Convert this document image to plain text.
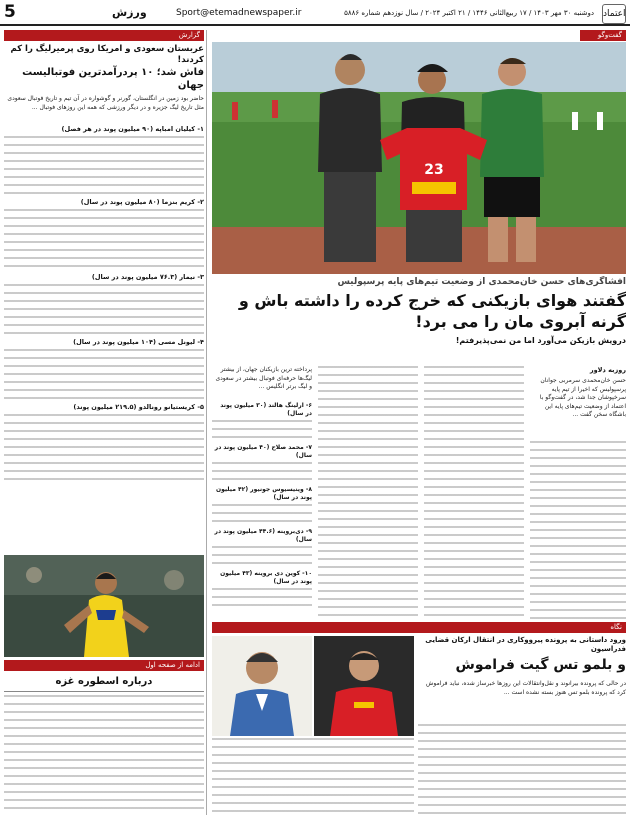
5	ورزش	Sport@etemadnewspaper.ir	دوشنبه ۳۰ مهر ۱۴۰۳ / ۱۷ ربیع‌الثانی ۱۴۴۶ / ۲۱ اکتبر ۲۰۲۴ / سال نوزدهم شماره ۵۸۸۶ اعتماد
گزارش
عربستان سعودی و امریکا روی پرمیرلیگ را کم کردند!
فاش شد؛ ۱۰ پردرآمدترین فوتبالیست جهان
حاضر بود زمین در انگلستان، گورنر و گوشواره در آن تیم و تاریخ فوتبال سعودی مثل تاریخ لیگ جزیره و در دیگر ورزشی که همه این روزهای فوتبال ...
۱- کیلیان امباپه (۹۰ میلیون پوند در هر فصل)
۲- کریم بنزما (۸۰ میلیون پوند در سال)
۳- نیمار (۷۶.۳ میلیون پوند در سال)
۴- لیونل مسی (۱۰۴ میلیون پوند در سال)
۵- کریستیانو رونالدو (۲۱۹.۵ میلیون پوند)
ادامه از صفحه اول
درباره اسطوره غزه
گفت‌وگو
23
افشاگری‌های حسن خان‌محمدی از وضعیت تیم‌های پایه پرسپولیس
گفتند هوای بازیکنی که خرج کرده را داشته باش و گرنه آبروی مان را می برد!
درویش بازیکن می‌آورد اما من نمی‌پذیرفتم!
روزبه دلاور
حسن خان‌محمدی سرمربی جوانان پرسپولیس که اخیرا از تیم پایه سرخپوشان جدا شد، در گفت‌وگو با اعتماد از وضعیت تیم‌های پایه این باشگاه سخن گفت ...
نگاه
ورود داستانی به پرونده پیرووکاری در انتقال ارکان قضایی فدراسیون
و بلمو تس گیت فراموش
در حالی که پرونده بیرانوند و نقل‌وانتقالات این روزها خبرساز شده، نباید فراموش کرد که پرونده بلمو تس هنوز بسته نشده است ...
پرداخته ترین بازیکنان جهان، از بیشتر لیگ‌ها حرفه‌ای فوتبال بیشتر در سعودی و لیگ برتر انگلیس ...
۶- ارلینگ هالند (۳۰ میلیون پوند در سال)
۷- محمد صلاح (۴۰ میلیون پوند در سال)
۸- وینیسیوس جونیور (۴۲ میلیون پوند در سال)
۹- دی‌بروینه (۴۴.۶ میلیون پوند در سال)
۱۰- کوین دی بروینه (۴۳ میلیون پوند در سال)
